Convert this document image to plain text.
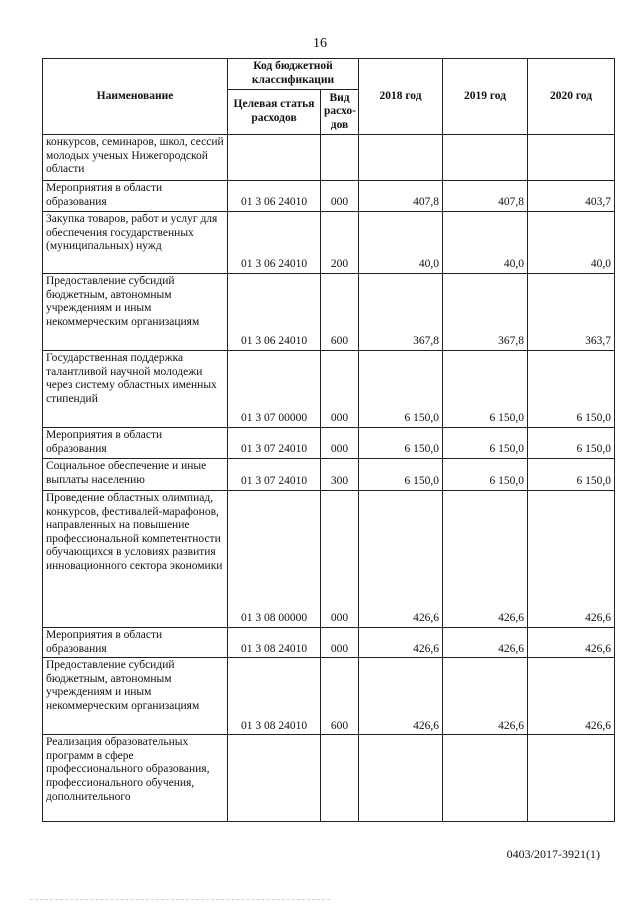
16
Наименование	Код бюджетной классификации		2018 год	2019 год	2020 год
	Целевая статья расходов	Вид расхо-дов			
конкурсов, семинаров, школ, сессий молодых ученых Нижегородской области					
Мероприятия в области образования	01 3 06 24010	000	407,8	407,8	403,7
Закупка товаров, работ и услуг для обеспечения государственных (муниципальных) нужд	01 3 06 24010	200	40,0	40,0	40,0
Предоставление субсидий бюджетным, автономным учреждениям и иным некоммерческим организациям	01 3 06 24010	600	367,8	367,8	363,7
Государственная поддержка талантливой научной молодежи через систему областных именных стипендий	01 3 07 00000	000	6 150,0	6 150,0	6 150,0
Мероприятия в области образования	01 3 07 24010	000	6 150,0	6 150,0	6 150,0
Социальное обеспечение и иные выплаты населению	01 3 07 24010	300	6 150,0	6 150,0	6 150,0
Проведение областных олимпиад, конкурсов, фестивалей-марафонов, направленных на повышение профессиональной компетентности обучающихся в условиях развития инновационного сектора экономики	01 3 08 00000	000	426,6	426,6	426,6
Мероприятия в области образования	01 3 08 24010	000	426,6	426,6	426,6
Предоставление субсидий бюджетным, автономным учреждениям и иным некоммерческим организациям	01 3 08 24010	600	426,6	426,6	426,6
Реализация образовательных программ в сфере профессионального образования, профессионального обучения, дополнительного					
0403/2017-3921(1)
